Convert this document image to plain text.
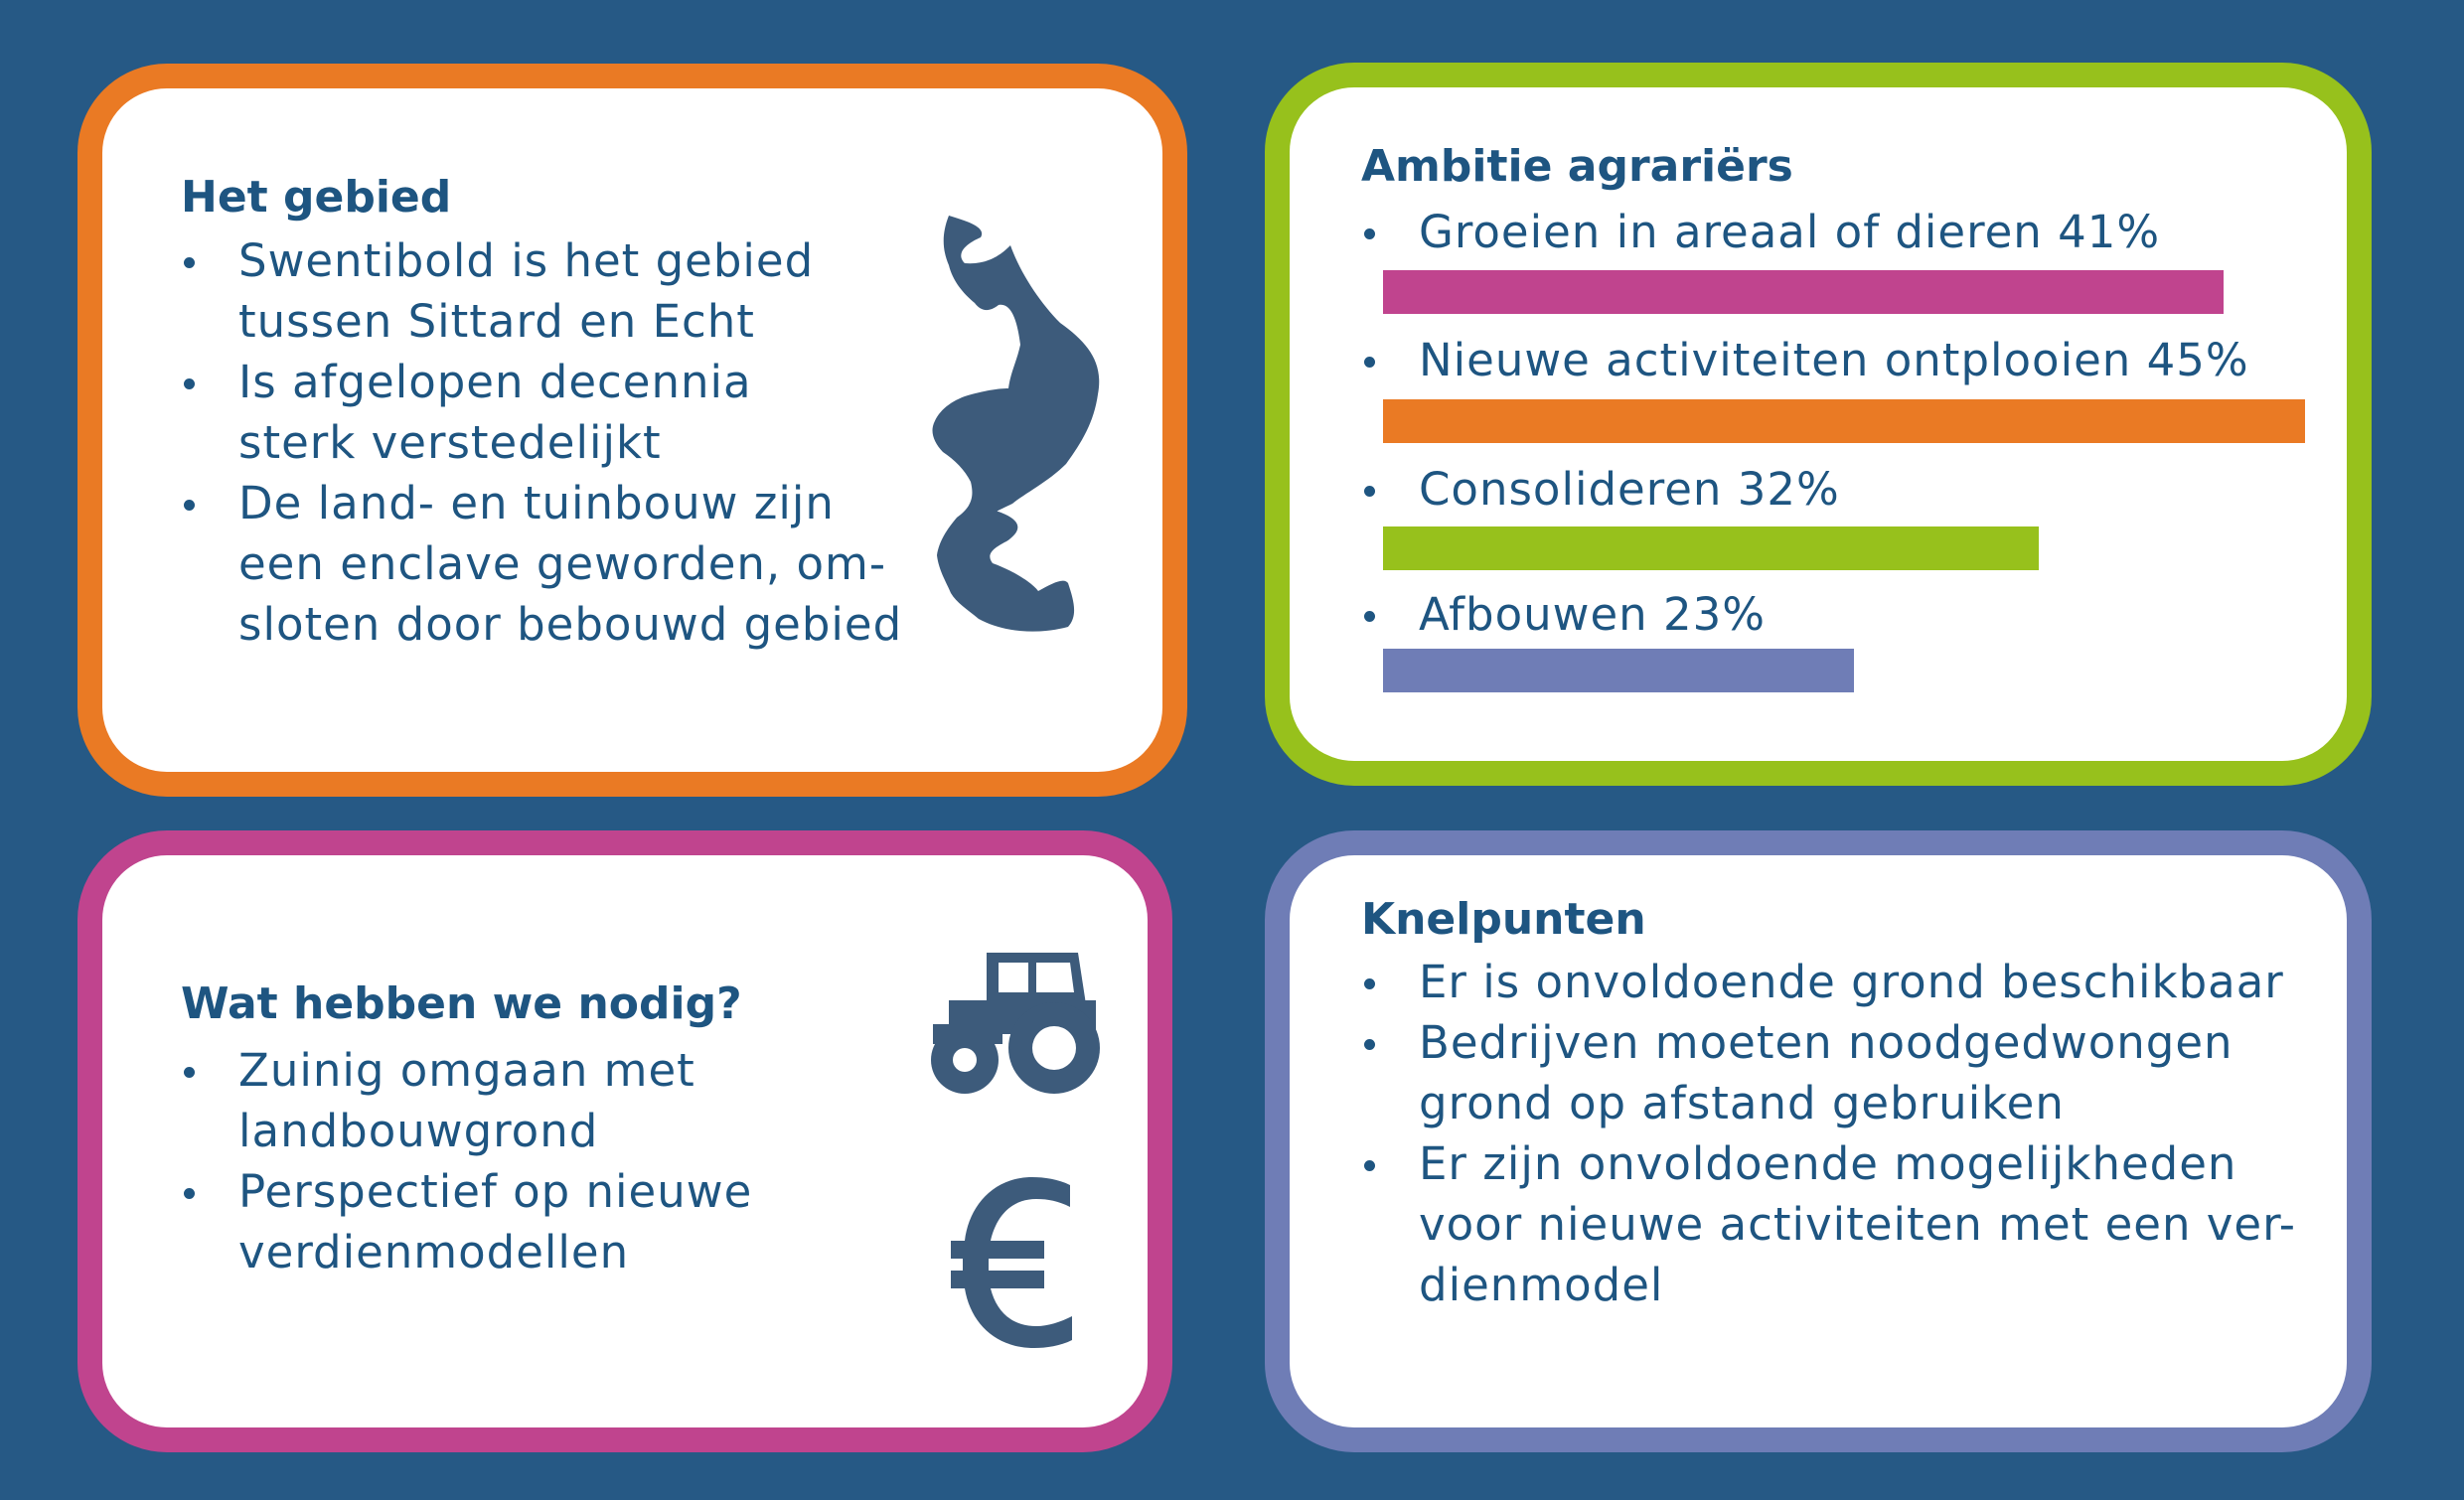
Het gebied
Swentibold is het gebied
tussen Sittard en Echt
Is afgelopen decennia
sterk verstedelijkt
De land- en tuinbouw zijn
een enclave geworden, om-
sloten door bebouwd gebied
Ambitie agrariërs
Groeien in areaal of dieren 41%
Nieuwe activiteiten ontplooien 45%
Consolideren 32%
Afbouwen 23%
Wat hebben we nodig?
Zuinig omgaan met
landbouwgrond
Perspectief op nieuwe
verdienmodellen
Knelpunten
Er is onvoldoende grond beschikbaar
Bedrijven moeten noodgedwongen
grond op afstand gebruiken
Er zijn onvoldoende mogelijkheden
voor nieuwe activiteiten met een ver-
dienmodel
